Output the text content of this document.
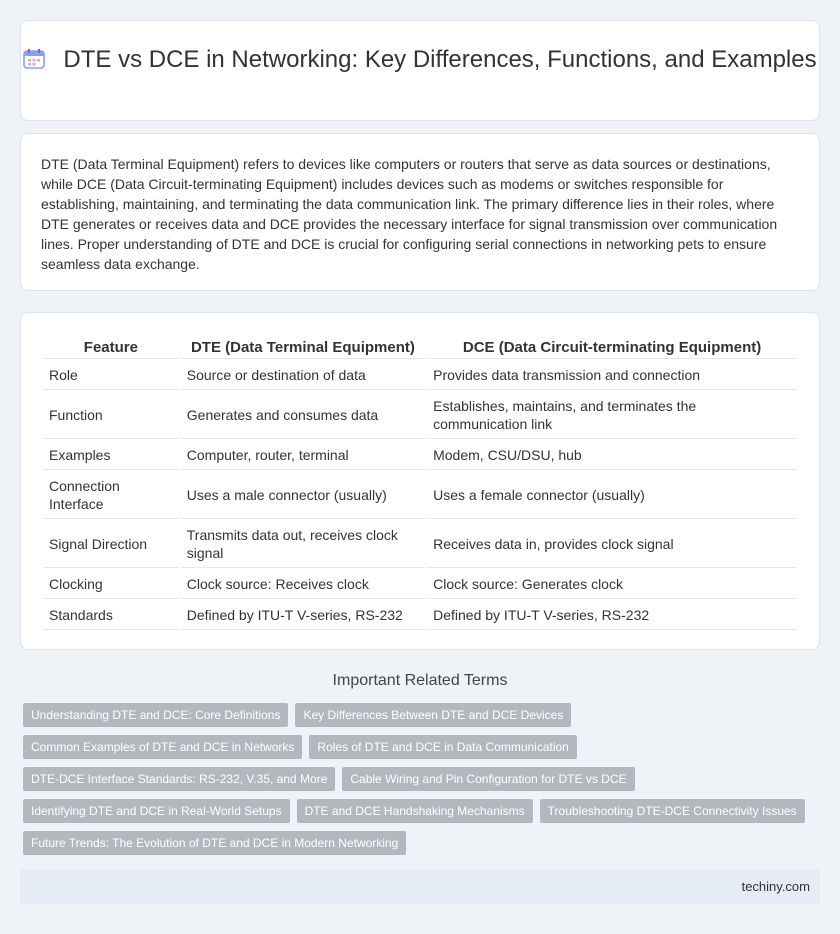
DTE vs DCE in Networking: Key Differences, Functions, and Examples

DTE (Data Terminal Equipment) refers to devices like computers or routers that serve as data sources or destinations, while DCE (Data Circuit-terminating Equipment) includes devices such as modems or switches responsible for establishing, maintaining, and terminating the data communication link. The primary difference lies in their roles, where DTE generates or receives data and DCE provides the necessary interface for signal transmission over communication lines. Proper understanding of DTE and DCE is crucial for configuring serial connections in networking pets to ensure seamless data exchange.

Feature	DTE (Data Terminal Equipment)	DCE (Data Circuit-terminating Equipment)
Role	Source or destination of data	Provides data transmission and connection
Function	Generates and consumes data	Establishes, maintains, and terminates the communication link
Examples	Computer, router, terminal	Modem, CSU/DSU, hub
Connection Interface	Uses a male connector (usually)	Uses a female connector (usually)
Signal Direction	Transmits data out, receives clock signal	Receives data in, provides clock signal
Clocking	Clock source: Receives clock	Clock source: Generates clock
Standards	Defined by ITU-T V-series, RS-232	Defined by ITU-T V-series, RS-232
Important Related Terms
Understanding DTE and DCE: Core Definitions	Key Differences Between DTE and DCE Devices
Common Examples of DTE and DCE in Networks	Roles of DTE and DCE in Data Communication
DTE-DCE Interface Standards: RS-232, V.35, and More	Cable Wiring and Pin Configuration for DTE vs DCE
Identifying DTE and DCE in Real-World Setups	DTE and DCE Handshaking Mechanisms	Troubleshooting DTE-DCE Connectivity Issues
Future Trends: The Evolution of DTE and DCE in Modern Networking
techiny.com
